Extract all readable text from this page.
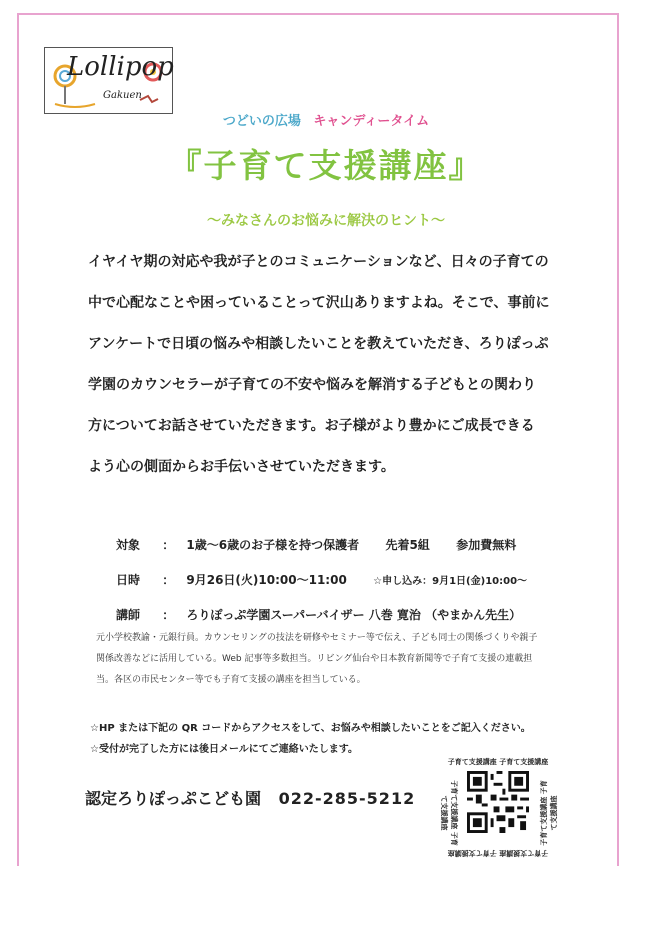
Lollipop
Gakuen
つどいの広場 キャンディータイム
『子育て支援講座』
～みなさんのお悩みに解決のヒント～
イヤイヤ期の対応や我が子とのコミュニケーションなど、日々の子育ての
中で心配なことや困っていることって沢山ありますよね。そこで、事前に
アンケートで日頃の悩みや相談したいことを教えていただき、ろりぽっぷ
学園のカウンセラーが子育ての不安や悩みを解消する子どもとの関わり
方についてお話させていただきます。お子様がより豊かにご成長できる
よう心の側面からお手伝いさせていただきます。
対象 ： 1歳～6歳のお子様を持つ保護者 先着5組 参加費無料
日時 ： 9月26日(火)10:00～11:00	☆申し込み：9月1日(金)10:00～
講師 ： ろりぽっぷ学園スーパーバイザー 八巻 寛治 （やまかん先生）
元小学校教諭・元銀行員。カウンセリングの技法を研修やセミナー等で伝え、子ども同士の関係づくりや親子
関係改善などに活用している。Web 記事等多数担当。リビング仙台や日本教育新聞等で子育て支援の連載担
当。各区の市民センター等でも子育て支援の講座を担当している。
☆HP または下記の QR コードからアクセスをして、お悩みや相談したいことをご記入ください。
☆受付が完了した方には後日メールにてご連絡いたします。
認定ろりぽっぷこども園 022-285-5212
子育て支援講座 子育て支援講座
子育て支援講座 子育て支援講座	子育て支援講座 子育て支援講座
子育て支援講座 子育て支援講座
